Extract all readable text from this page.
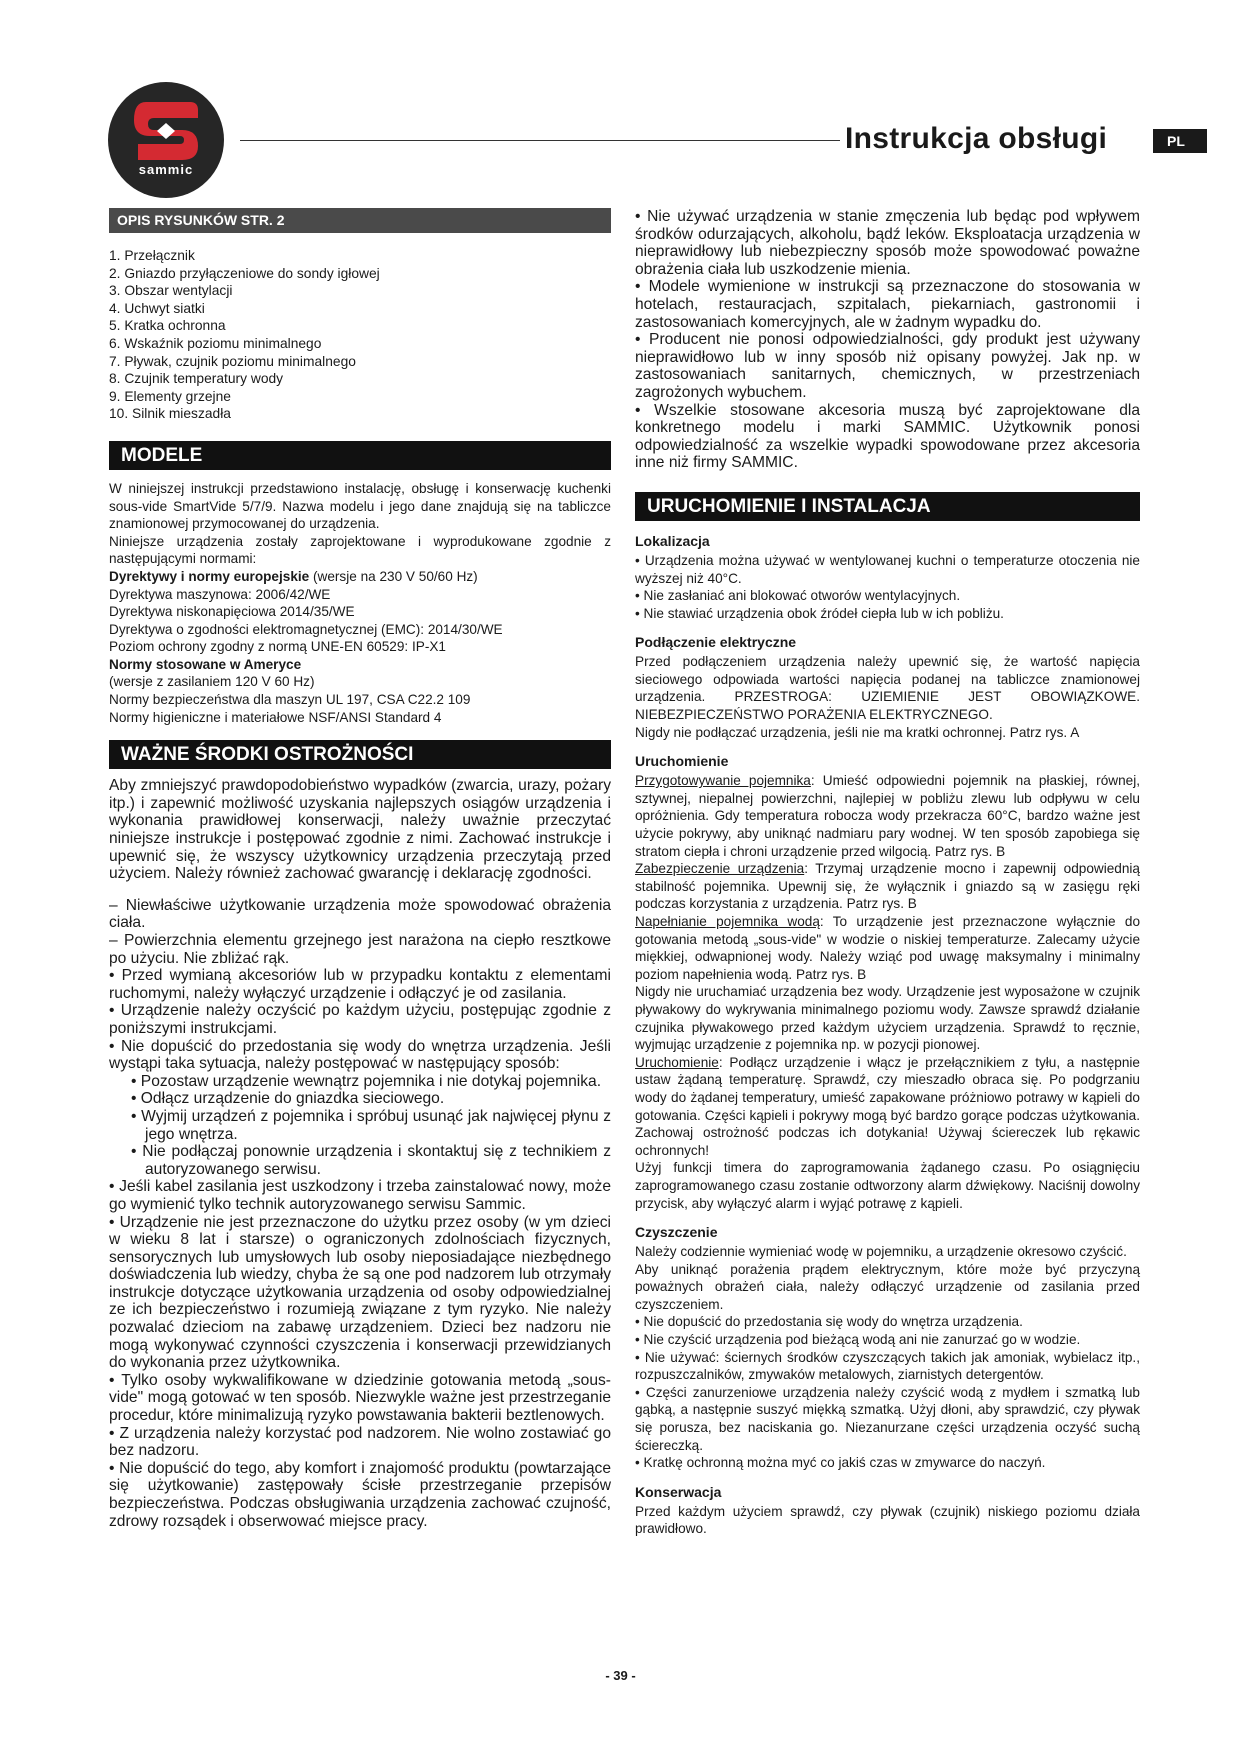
sammic
Instrukcja obsługi	PL
OPIS RYSUNKÓW STR. 2
1. Przełącznik
2. Gniazdo przyłączeniowe do sondy igłowej
3. Obszar wentylacji
4. Uchwyt siatki
5. Kratka ochronna
6. Wskaźnik poziomu minimalnego
7. Pływak, czujnik poziomu minimalnego
8. Czujnik temperatury wody
9. Elementy grzejne
10. Silnik mieszadła
MODELE

W niniejszej instrukcji przedstawiono instalację, obsługę i konserwację kuchenki sous-vide SmartVide 5/7/9. Nazwa modelu i jego dane znajdują się na tabliczce znamionowej przymocowanej do urządzenia.

Niniejsze urządzenia zostały zaprojektowane i wyprodukowane zgodnie z następującymi normami:

Dyrektywy i normy europejskie (wersje na 230 V 50/60 Hz)

Dyrektywa maszynowa: 2006/42/WE

Dyrektywa niskonapięciowa 2014/35/WE

Dyrektywa o zgodności elektromagnetycznej (EMC): 2014/30/WE

Poziom ochrony zgodny z normą UNE-EN 60529: IP-X1

Normy stosowane w Ameryce

(wersje z zasilaniem 120 V 60 Hz)

Normy bezpieczeństwa dla maszyn UL 197, CSA C22.2 109

Normy higieniczne i materiałowe NSF/ANSI Standard 4

WAŻNE ŚRODKI OSTROŻNOŚCI

Aby zmniejszyć prawdopodobieństwo wypadków (zwarcia, urazy, pożary itp.) i zapewnić możliwość uzyskania najlepszych osiągów urządzenia i wykonania prawidłowej konserwacji, należy uważnie przeczytać niniejsze instrukcje i postępować zgodnie z nimi. Zachować instrukcje i upewnić się, że wszyscy użytkownicy urządzenia przeczytają przed użyciem. Należy również zachować gwarancję i deklarację zgodności.

– Niewłaściwe użytkowanie urządzenia może spowodować obrażenia ciała.

– Powierzchnia elementu grzejnego jest narażona na ciepło resztkowe po użyciu. Nie zbliżać rąk.

• Przed wymianą akcesoriów lub w przypadku kontaktu z elementami ruchomymi, należy wyłączyć urządzenie i odłączyć je od zasilania.

• Urządzenie należy oczyścić po każdym użyciu, postępując zgodnie z poniższymi instrukcjami.

• Nie dopuścić do przedostania się wody do wnętrza urządzenia. Jeśli wystąpi taka sytuacja, należy postępować w następujący sposób:

• Pozostaw urządzenie wewnątrz pojemnika i nie dotykaj pojemnika.

• Odłącz urządzenie do gniazdka sieciowego.

• Wyjmij urządzeń z pojemnika i spróbuj usunąć jak najwięcej płynu z jego wnętrza.

• Nie podłączaj ponownie urządzenia i skontaktuj się z technikiem z autoryzowanego serwisu.

• Jeśli kabel zasilania jest uszkodzony i trzeba zainstalować nowy, może go wymienić tylko technik autoryzowanego serwisu Sammic.

• Urządzenie nie jest przeznaczone do użytku przez osoby (w ym dzieci w wieku 8 lat i starsze) o ograniczonych zdolnościach fizycznych, sensorycznych lub umysłowych lub osoby nieposiadające niezbędnego doświadczenia lub wiedzy, chyba że są one pod nadzorem lub otrzymały instrukcje dotyczące użytkowania urządzenia od osoby odpowiedzialnej ze ich bezpieczeństwo i rozumieją związane z tym ryzyko. Nie należy pozwalać dzieciom na zabawę urządzeniem. Dzieci bez nadzoru nie mogą wykonywać czynności czyszczenia i konserwacji przewidzianych do wykonania przez użytkownika.

• Tylko osoby wykwalifikowane w dziedzinie gotowania metodą „sous-vide" mogą gotować w ten sposób. Niezwykle ważne jest przestrzeganie procedur, które minimalizują ryzyko powstawania bakterii beztlenowych.

• Z urządzenia należy korzystać pod nadzorem. Nie wolno zostawiać go bez nadzoru.

• Nie dopuścić do tego, aby komfort i znajomość produktu (powtarzające się użytkowanie) zastępowały ścisłe przestrzeganie przepisów bezpieczeństwa. Podczas obsługiwania urządzenia zachować czujność, zdrowy rozsądek i obserwować miejsce pracy.

• Nie używać urządzenia w stanie zmęczenia lub będąc pod wpływem środków odurzających, alkoholu, bądź leków. Eksploatacja urządzenia w nieprawidłowy lub niebezpieczny sposób może spowodować poważne obrażenia ciała lub uszkodzenie mienia.

• Modele wymienione w instrukcji są przeznaczone do stosowania w hotelach, restauracjach, szpitalach, piekarniach, gastronomii i zastosowaniach komercyjnych, ale w żadnym wypadku do.

• Producent nie ponosi odpowiedzialności, gdy produkt jest używany nieprawidłowo lub w inny sposób niż opisany powyżej. Jak np. w zastosowaniach sanitarnych, chemicznych, w przestrzeniach zagrożonych wybuchem.

• Wszelkie stosowane akcesoria muszą być zaprojektowane dla konkretnego modelu i marki SAMMIC. Użytkownik ponosi odpowiedzialność za wszelkie wypadki spowodowane przez akcesoria inne niż firmy SAMMIC.

URUCHOMIENIE I INSTALACJA

Lokalizacja

• Urządzenia można używać w wentylowanej kuchni o temperaturze otoczenia nie wyższej niż 40°C.

• Nie zasłaniać ani blokować otworów wentylacyjnych.

• Nie stawiać urządzenia obok źródeł ciepła lub w ich pobliżu.

Podłączenie elektryczne

Przed podłączeniem urządzenia należy upewnić się, że wartość napięcia sieciowego odpowiada wartości napięcia podanej na tabliczce znamionowej urządzenia. PRZESTROGA: UZIEMIENIE JEST OBOWIĄZKOWE. NIEBEZPIECZEŃSTWO PORAŻENIA ELEKTRYCZNEGO.

Nigdy nie podłączać urządzenia, jeśli nie ma kratki ochronnej. Patrz rys. A

Uruchomienie

Przygotowywanie pojemnika: Umieść odpowiedni pojemnik na płaskiej, równej, sztywnej, niepalnej powierzchni, najlepiej w pobliżu zlewu lub odpływu w celu opróżnienia. Gdy temperatura robocza wody przekracza 60°C, bardzo ważne jest użycie pokrywy, aby uniknąć nadmiaru pary wodnej. W ten sposób zapobiega się stratom ciepła i chroni urządzenie przed wilgocią. Patrz rys. B

Zabezpieczenie urządzenia: Trzymaj urządzenie mocno i zapewnij odpowiednią stabilność pojemnika. Upewnij się, że wyłącznik i gniazdo są w zasięgu ręki podczas korzystania z urządzenia. Patrz rys. B

Napełnianie pojemnika wodą: To urządzenie jest przeznaczone wyłącznie do gotowania metodą „sous-vide" w wodzie o niskiej temperaturze. Zalecamy użycie miękkiej, odwapnionej wody. Należy wziąć pod uwagę maksymalny i minimalny poziom napełnienia wodą. Patrz rys. B

Nigdy nie uruchamiać urządzenia bez wody. Urządzenie jest wyposażone w czujnik pływakowy do wykrywania minimalnego poziomu wody. Zawsze sprawdź działanie czujnika pływakowego przed każdym użyciem urządzenia. Sprawdź to ręcznie, wyjmując urządzenie z pojemnika np. w pozycji pionowej.

Uruchomienie: Podłącz urządzenie i włącz je przełącznikiem z tyłu, a następnie ustaw żądaną temperaturę. Sprawdź, czy mieszadło obraca się. Po podgrzaniu wody do żądanej temperatury, umieść zapakowane próżniowo potrawy w kąpieli do gotowania. Części kąpieli i pokrywy mogą być bardzo gorące podczas użytkowania. Zachowaj ostrożność podczas ich dotykania! Używaj ściereczek lub rękawic ochronnych!

Użyj funkcji timera do zaprogramowania żądanego czasu. Po osiągnięciu zaprogramowanego czasu zostanie odtworzony alarm dźwiękowy. Naciśnij dowolny przycisk, aby wyłączyć alarm i wyjąć potrawę z kąpieli.

Czyszczenie

Należy codziennie wymieniać wodę w pojemniku, a urządzenie okresowo czyścić.

Aby uniknąć porażenia prądem elektrycznym, które może być przyczyną poważnych obrażeń ciała, należy odłączyć urządzenie od zasilania przed czyszczeniem.

• Nie dopuścić do przedostania się wody do wnętrza urządzenia.

• Nie czyścić urządzenia pod bieżącą wodą ani nie zanurzać go w wodzie.

• Nie używać: ściernych środków czyszczących takich jak amoniak, wybielacz itp., rozpuszczalników, zmywaków metalowych, ziarnistych detergentów.

• Części zanurzeniowe urządzenia należy czyścić wodą z mydłem i szmatką lub gąbką, a następnie suszyć miękką szmatką. Użyj dłoni, aby sprawdzić, czy pływak się porusza, bez naciskania go. Niezanurzane części urządzenia oczyść suchą ściereczką.

• Kratkę ochronną można myć co jakiś czas w zmywarce do naczyń.

Konserwacja

Przed każdym użyciem sprawdź, czy pływak (czujnik) niskiego poziomu działa prawidłowo.

- 39 -
